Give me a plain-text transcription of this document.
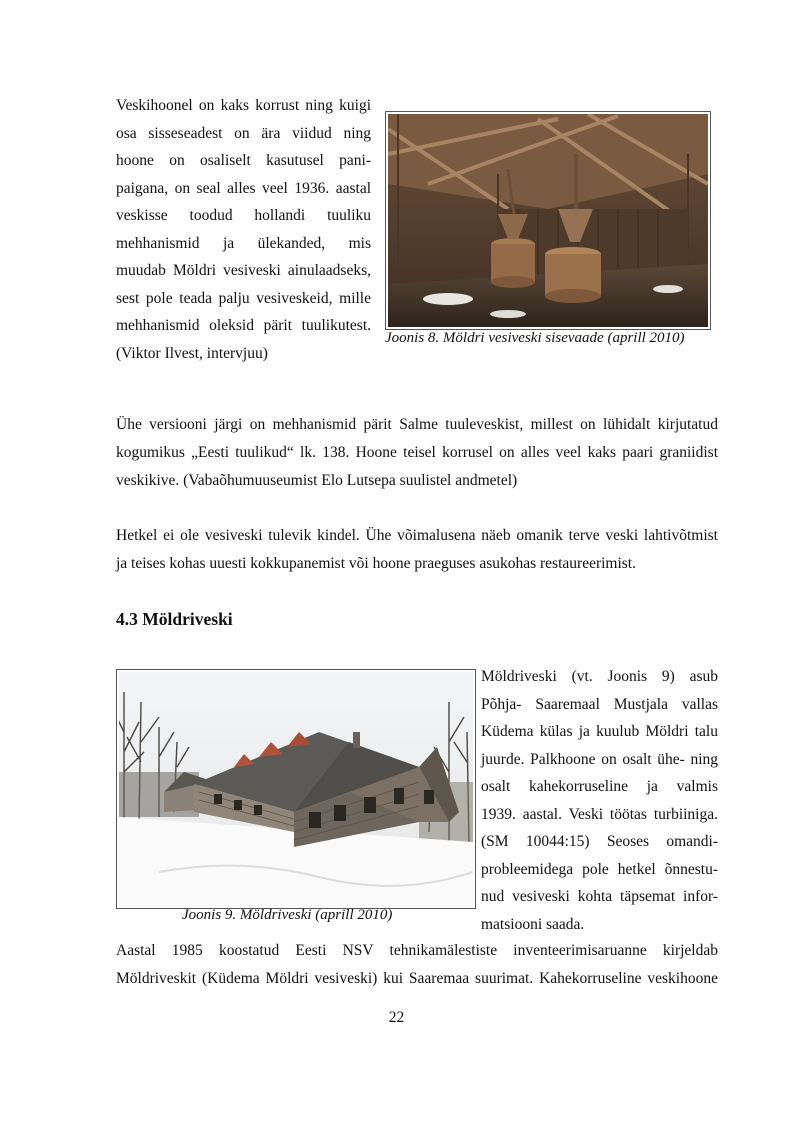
Veskihoonel on kaks korrust ning kuigi
osa sisseseadest on ära viidud ning
hoone on osaliselt kasutusel pani-
paigana, on seal alles veel 1936. aastal
veskisse toodud hollandi tuuliku
mehhanismid ja ülekanded, mis
muudab Möldri vesiveski ainulaadseks,
sest pole teada palju vesiveskeid, mille
mehhanismid oleksid pärit tuulikutest.
(Viktor Ilvest, intervjuu)
Joonis 8. Möldri vesiveski sisevaade (aprill 2010)
Ühe versiooni järgi on mehhanismid pärit Salme tuuleveskist, millest on lühidalt kirjutatud
kogumikus „Eesti tuulikud“ lk. 138. Hoone teisel korrusel on alles veel kaks paari graniidist
veskikive. (Vabaõhumuuseumist Elo Lutsepa suulistel andmetel)
Hetkel ei ole vesiveski tulevik kindel. Ühe võimalusena näeb omanik terve veski lahtivõtmist
ja teises kohas uuesti kokkupanemist või hoone praeguses asukohas restaureerimist.
4.3 Möldriveski
Joonis 9. Möldriveski (aprill 2010)
Möldriveski (vt. Joonis 9) asub
Põhja- Saaremaal Mustjala vallas
Küdema külas ja kuulub Möldri talu
juurde. Palkhoone on osalt ühe- ning
osalt kahekorruseline ja valmis
1939. aastal. Veski töötas turbiiniga.
(SM 10044:15) Seoses omandi-
probleemidega pole hetkel õnnestu-
nud vesiveski kohta täpsemat infor-
matsiooni saada.
Aastal 1985 koostatud Eesti NSV tehnikamälestiste inventeerimisaruanne kirjeldab
Möldriveskit (Küdema Möldri vesiveski) kui Saaremaa suurimat. Kahekorruseline veskihoone
22
